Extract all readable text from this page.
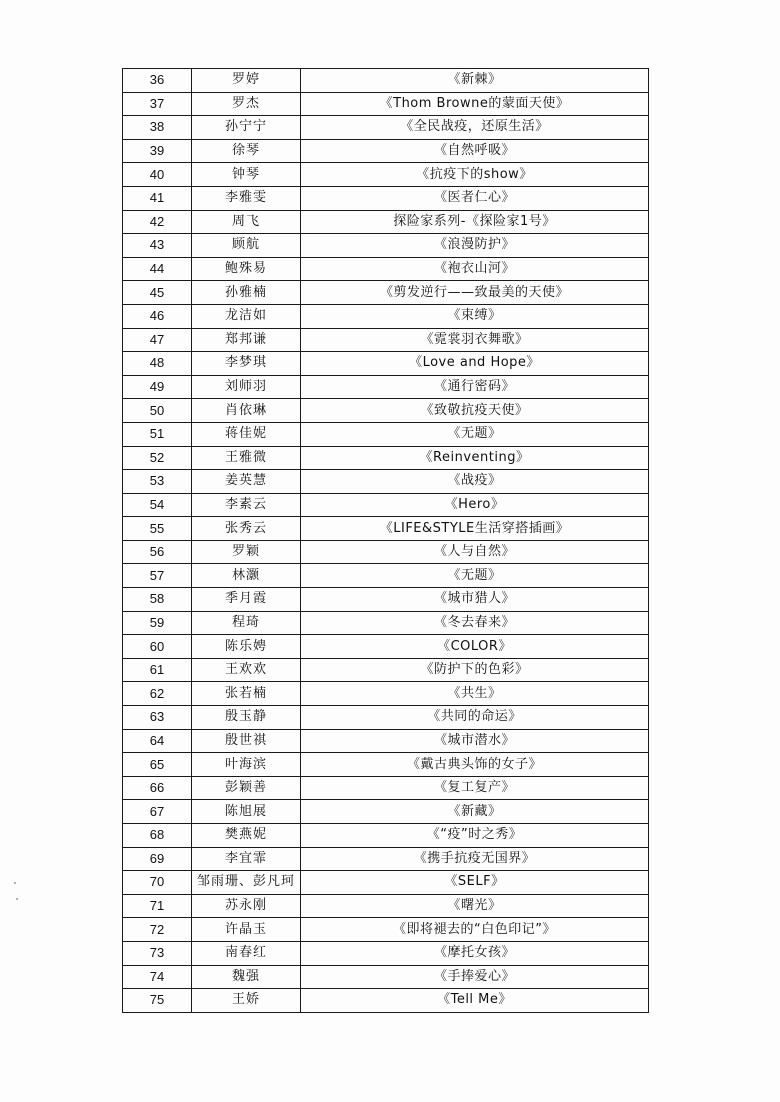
36	罗婷	《新棘》
37	罗杰	《Thom Browne的蒙面天使》
38	孙宁宁	《全民战疫，还原生活》
39	徐琴	《自然呼吸》
40	钟琴	《抗疫下的show》
41	李雅雯	《医者仁心》
42	周飞	探险家系列-《探险家1号》
43	顾航	《浪漫防护》
44	鲍殊易	《袍衣山河》
45	孙雅楠	《剪发逆行——致最美的天使》
46	龙洁如	《束缚》
47	郑邦谦	《霓裳羽衣舞歌》
48	李梦琪	《Love and Hope》
49	刘师羽	《通行密码》
50	肖依琳	《致敬抗疫天使》
51	蒋佳妮	《无题》
52	王雅微	《Reinventing》
53	姜英慧	《战疫》
54	李素云	《Hero》
55	张秀云	《LIFE&STYLE生活穿搭插画》
56	罗颖	《人与自然》
57	林灏	《无题》
58	季月霞	《城市猎人》
59	程琦	《冬去春来》
60	陈乐娉	《COLOR》
61	王欢欢	《防护下的色彩》
62	张若楠	《共生》
63	殷玉静	《共同的命运》
64	殷世祺	《城市潜水》
65	叶海滨	《戴古典头饰的女子》
66	彭颖善	《复工复产》
67	陈旭展	《新藏》
68	樊燕妮	《“疫”时之秀》
69	李宜霏	《携手抗疫无国界》
70	邹雨珊、彭凡珂	《SELF》
71	苏永刚	《曙光》
72	许晶玉	《即将褪去的“白色印记”》
73	南春红	《摩托女孩》
74	魏强	《手捧爱心》
75	王娇	《Tell Me》
